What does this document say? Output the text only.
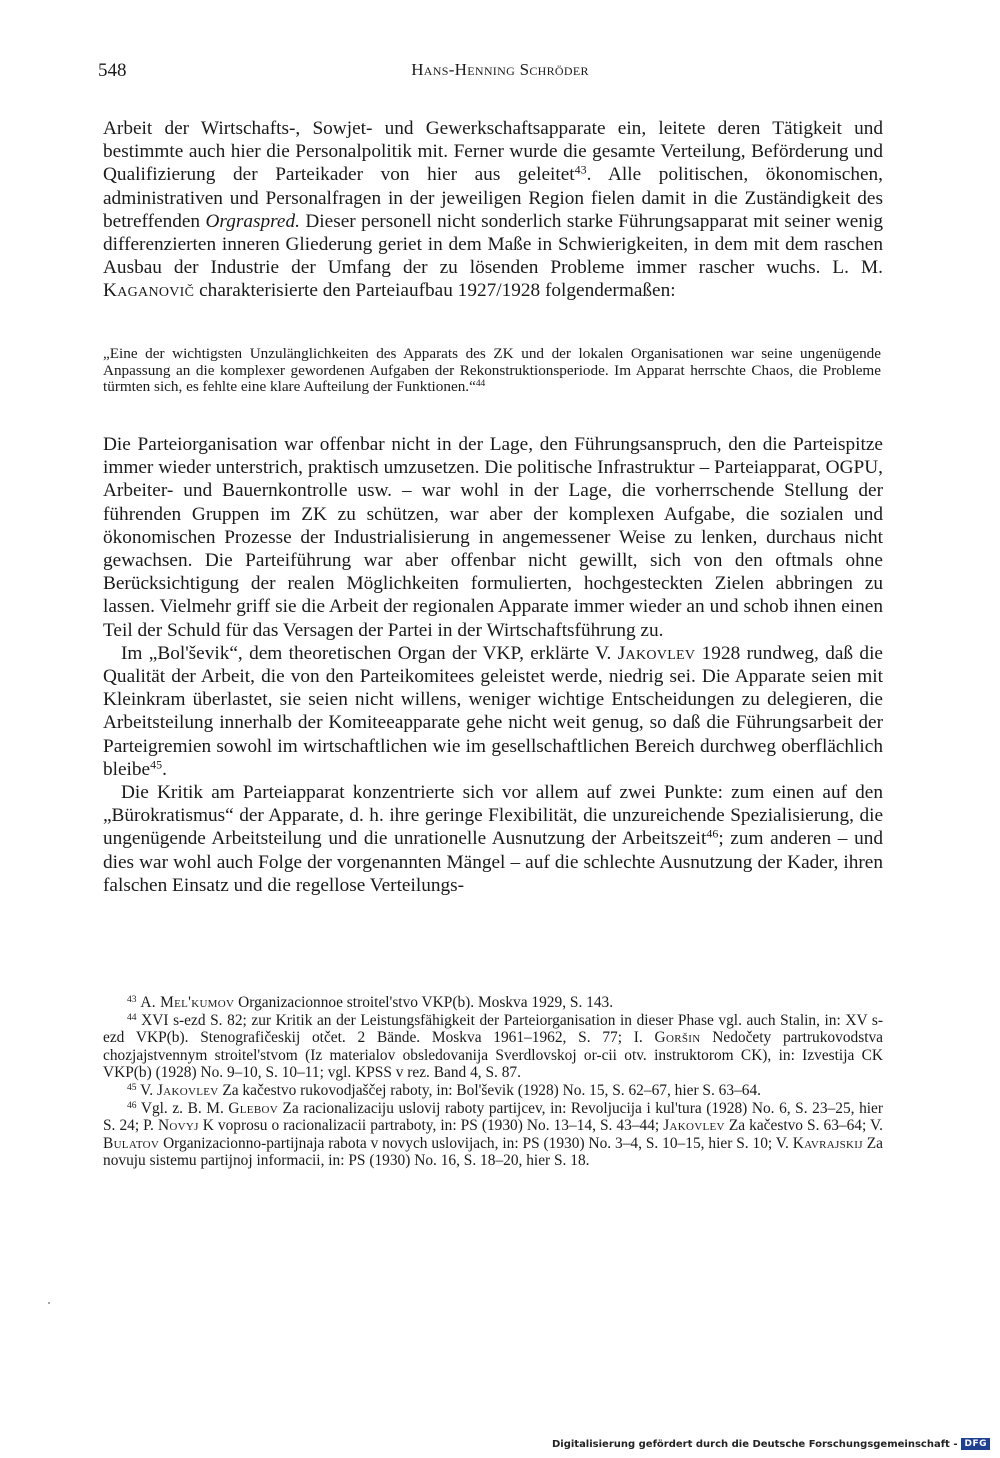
548	Hans-Henning Schröder

Arbeit der Wirtschafts-, Sowjet- und Gewerkschaftsapparate ein, leitete deren Tätigkeit und bestimmte auch hier die Personalpolitik mit. Ferner wurde die gesamte Verteilung, Beförderung und Qualifizierung der Parteikader von hier aus geleitet$^{43}$. Alle politischen, ökonomischen, administrativen und Personalfragen in der jeweiligen Region fielen damit in die Zuständigkeit des betreffenden Orgraspred. Dieser personell nicht sonderlich starke Führungsapparat mit seiner wenig differenzierten inneren Gliederung geriet in dem Maße in Schwierigkeiten, in dem mit dem raschen Ausbau der Industrie der Umfang der zu lösenden Probleme immer rascher wuchs. L. M. Kaganovič charakterisierte den Parteiaufbau 1927/1928 folgendermaßen:

„Eine der wichtigsten Unzulänglichkeiten des Apparats des ZK und der lokalen Organisationen war seine ungenügende Anpassung an die komplexer gewordenen Aufgaben der Rekonstruktionsperiode. Im Apparat herrschte Chaos, die Probleme türmten sich, es fehlte eine klare Aufteilung der Funktionen.“$^{44}$

Die Parteiorganisation war offenbar nicht in der Lage, den Führungsanspruch, den die Parteispitze immer wieder unterstrich, praktisch umzusetzen. Die politische Infrastruktur – Parteiapparat, OGPU, Arbeiter- und Bauernkontrolle usw. – war wohl in der Lage, die vorherrschende Stellung der führenden Gruppen im ZK zu schützen, war aber der komplexen Aufgabe, die sozialen und ökonomischen Prozesse der Industrialisierung in angemessener Weise zu lenken, durchaus nicht gewachsen. Die Parteiführung war aber offenbar nicht gewillt, sich von den oftmals ohne Berücksichtigung der realen Möglichkeiten formulierten, hochgesteckten Zielen abbringen zu lassen. Vielmehr griff sie die Arbeit der regionalen Apparate immer wieder an und schob ihnen einen Teil der Schuld für das Versagen der Partei in der Wirtschaftsführung zu.

Im „Bol'ševik“, dem theoretischen Organ der VKP, erklärte V. Jakovlev 1928 rundweg, daß die Qualität der Arbeit, die von den Parteikomitees geleistet werde, niedrig sei. Die Apparate seien mit Kleinkram überlastet, sie seien nicht willens, weniger wichtige Entscheidungen zu delegieren, die Arbeitsteilung innerhalb der Komiteeapparate gehe nicht weit genug, so daß die Führungsarbeit der Parteigremien sowohl im wirtschaftlichen wie im gesellschaftlichen Bereich durchweg oberflächlich bleibe$^{45}$.

Die Kritik am Parteiapparat konzentrierte sich vor allem auf zwei Punkte: zum einen auf den „Bürokratismus“ der Apparate, d. h. ihre geringe Flexibilität, die unzureichende Spezialisierung, die ungenügende Arbeitsteilung und die unrationelle Ausnutzung der Arbeitszeit$^{46}$; zum anderen – und dies war wohl auch Folge der vorgenannten Mängel – auf die schlechte Ausnutzung der Kader, ihren falschen Einsatz und die regellose Verteilungs-

$^{43}$ A. Mel'kumov Organizacionnoe stroitel'stvo VKP(b). Moskva 1929, S. 143.

$^{44}$ XVI s-ezd S. 82; zur Kritik an der Leistungsfähigkeit der Parteiorganisation in dieser Phase vgl. auch Stalin, in: XV s-ezd VKP(b). Stenografičeskij otčet. 2 Bände. Moskva 1961–1962, S. 77; I. Goršin Nedočety partrukovodstva chozjajstvennym stroitel'stvom (Iz materialov obsledovanija Sverdlovskoj or-cii otv. instruktorom CK), in: Izvestija CK VKP(b) (1928) No. 9–10, S. 10–11; vgl. KPSS v rez. Band 4, S. 87.

$^{45}$ V. Jakovlev Za kačestvo rukovodjaščej raboty, in: Bol'ševik (1928) No. 15, S. 62–67, hier S. 63–64.

$^{46}$ Vgl. z. B. M. Glebov Za racionalizaciju uslovij raboty partijcev, in: Revoljucija i kul'tura (1928) No. 6, S. 23–25, hier S. 24; P. Novyj K voprosu o racionalizacii partraboty, in: PS (1930) No. 13–14, S. 43–44; Jakovlev Za kačestvo S. 63–64; V. Bulatov Organizacionno-partijnaja rabota v novych uslovijach, in: PS (1930) No. 3–4, S. 10–15, hier S. 10; V. Kavrajskij Za novuju sistemu partijnoj informacii, in: PS (1930) No. 16, S. 18–20, hier S. 18.

Digitalisierung gefördert durch die Deutsche Forschungsgemeinschaft - DFG
